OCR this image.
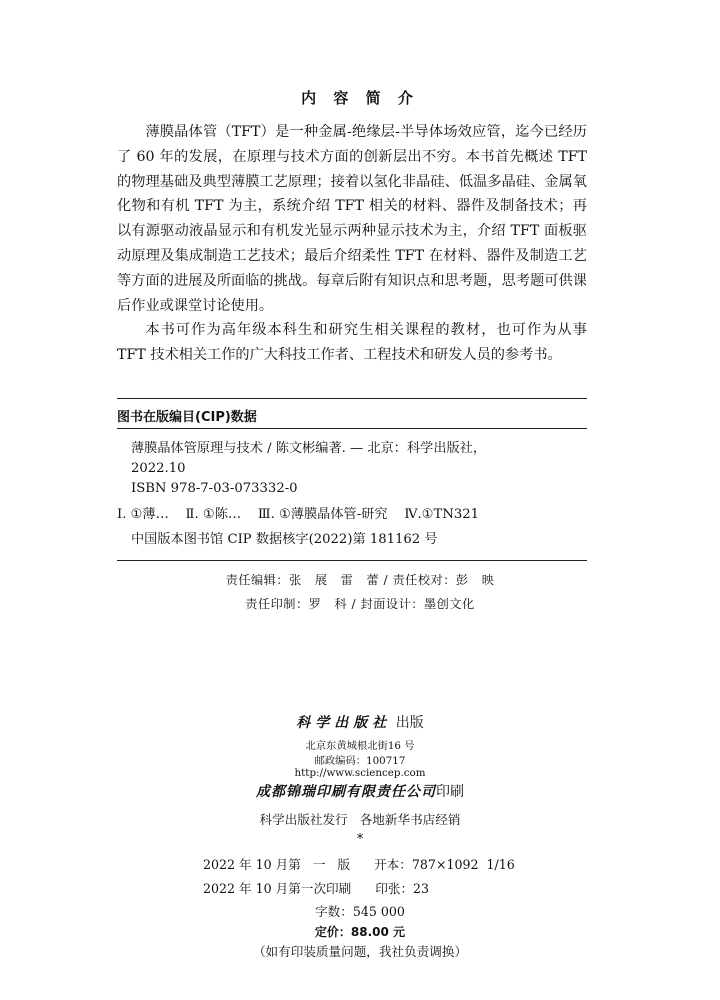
内 容 简 介

薄膜晶体管（TFT）是一种金属-绝缘层-半导体场效应管，迄今已经历了 60 年的发展，在原理与技术方面的创新层出不穷。本书首先概述 TFT 的物理基础及典型薄膜工艺原理；接着以氢化非晶硅、低温多晶硅、金属氧化物和有机 TFT 为主，系统介绍 TFT 相关的材料、器件及制备技术；再以有源驱动液晶显示和有机发光显示两种显示技术为主，介绍 TFT 面板驱动原理及集成制造工艺技术；最后介绍柔性 TFT 在材料、器件及制造工艺等方面的进展及所面临的挑战。每章后附有知识点和思考题，思考题可供课后作业或课堂讨论使用。

本书可作为高年级本科生和研究生相关课程的教材，也可作为从事 TFT 技术相关工作的广大科技工作者、工程技术和研发人员的参考书。

图书在版编目(CIP)数据
薄膜晶体管原理与技术 / 陈文彬编著. — 北京：科学出版社，
2022.10
ISBN 978-7-03-073332-0
Ⅰ. ①薄…    Ⅱ. ①陈…    Ⅲ. ①薄膜晶体管-研究    Ⅳ.①TN321
中国版本图书馆 CIP 数据核字(2022)第 181162 号
责任编辑：张   展   雷   蕾 / 责任校对：彭   映
责任印制：罗   科 / 封面设计：墨创文化
科学出版社 出版
北京东黄城根北街16 号
邮政编码：100717
http://www.sciencep.com
成都锦瑞印刷有限责任公司印刷
科学出版社发行   各地新华书店经销
*
2022 年 10 月第   一   版      开本：787×1092  1/16
2022 年 10 月第一次印刷      印张：23
字数：545 000
定价：88.00 元
（如有印装质量问题，我社负责调换）
